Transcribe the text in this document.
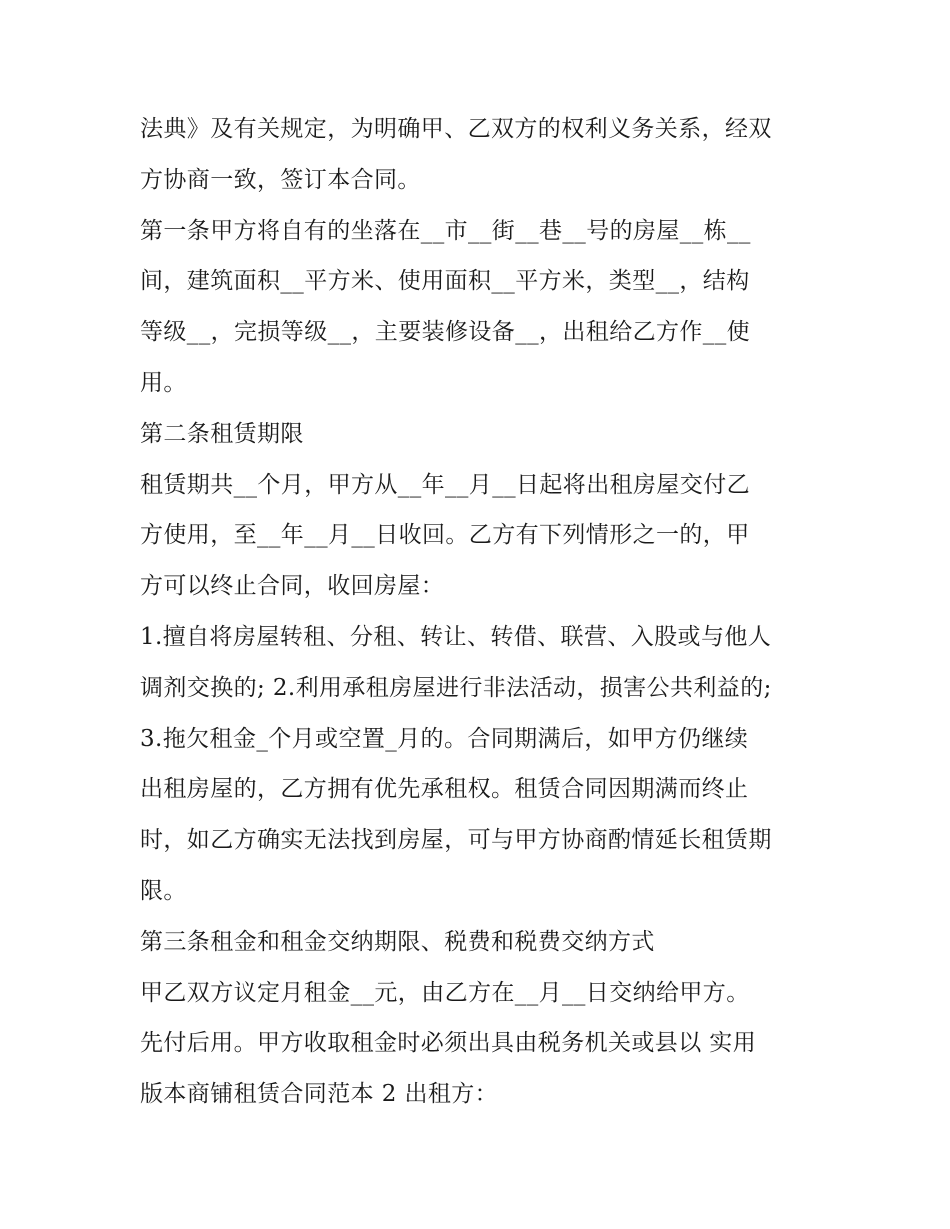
法典》及有关规定，为明确甲、乙双方的权利义务关系，经双
方协商一致，签订本合同。
第一条甲方将自有的坐落在__市__街__巷__号的房屋__栋__
间，建筑面积__平方米、使用面积__平方米，类型__，结构
等级__，完损等级__，主要装修设备__，出租给乙方作__使
用。
第二条租赁期限
租赁期共__个月，甲方从__年__月__日起将出租房屋交付乙
方使用，至__年__月__日收回。乙方有下列情形之一的，甲
方可以终止合同，收回房屋：
1.擅自将房屋转租、分租、转让、转借、联营、入股或与他人
调剂交换的; 2.利用承租房屋进行非法活动，损害公共利益的;
3.拖欠租金_个月或空置_月的。合同期满后，如甲方仍继续
出租房屋的，乙方拥有优先承租权。租赁合同因期满而终止
时，如乙方确实无法找到房屋，可与甲方协商酌情延长租赁期
限。
第三条租金和租金交纳期限、税费和税费交纳方式
甲乙双方议定月租金__元，由乙方在__月__日交纳给甲方。
先付后用。甲方收取租金时必须出具由税务机关或县以 实用
版本商铺租赁合同范本 2 出租方：
